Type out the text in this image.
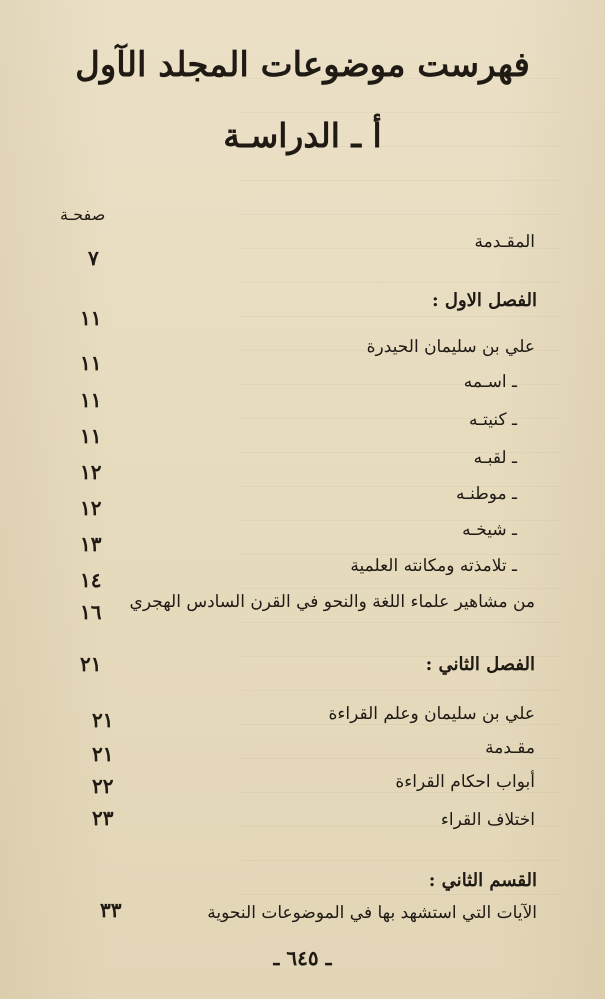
فهرست موضوعات المجلد الآول
أ ـ الدراسـة
صفحـة
المقـدمة
٧
الفصل الاول :
١١
علي بن سليمان الحيدرة
١١
ـ اسـمه
١١
ـ كنيتـه
١١
ـ لقبـه
١٢
ـ موطنـه
١٢
ـ شيخـه
١٣
ـ تلامذته ومكانته العلمية
١٤
من مشاهير علماء اللغة والنحو في القرن السادس الهجري
١٦
الفصل الثاني :
٢١
علي بن سليمان وعلم القراءة
٢١
مقـدمة
٢١
أبواب احكام القراءة
٢٢
اختلاف القراء
٢٣
القسم الثاني :
الآيات التي استشهد بها في الموضوعات النحوية
٣٣
ـ ٦٤٥ ـ
